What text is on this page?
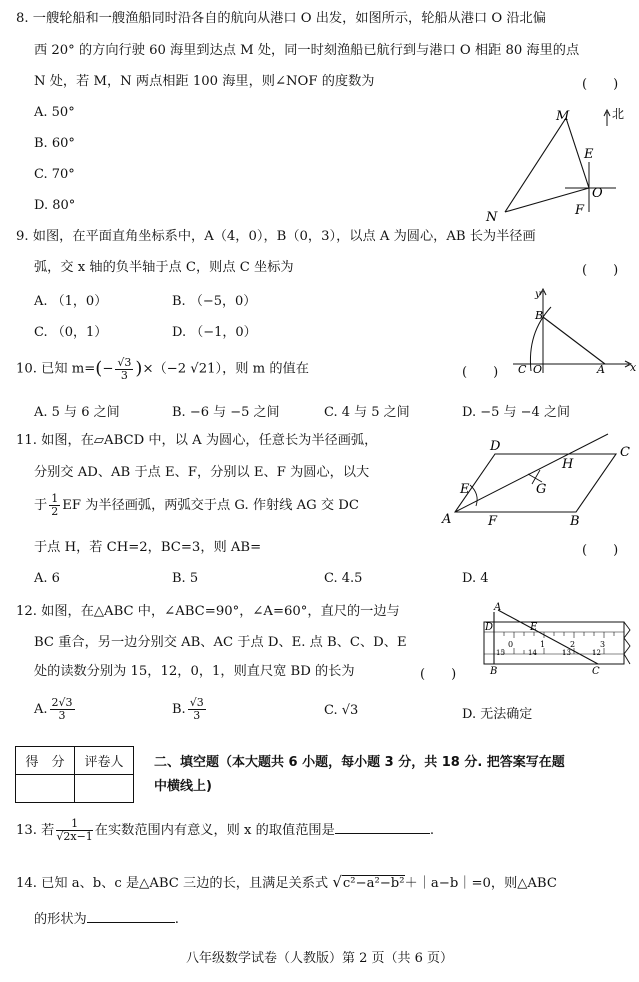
8. 一艘轮船和一艘渔船同时沿各自的航向从港口 O 出发，如图所示，轮船从港口 O 沿北偏
西 20° 的方向行驶 60 海里到达点 M 处，同一时刻渔船已航行到与港口 O 相距 80 海里的点
N 处，若 M，N 两点相距 100 海里，则∠NOF 的度数为	(　　)
A. 50°
B. 60°
C. 70°
D. 80°
M	北
E
O
F
N
9. 如图，在平面直角坐标系中，A（4，0），B（0，3），以点 A 为圆心，AB 长为半径画
弧，交 x 轴的负半轴于点 C，则点 C 坐标为	(　　)
A. （1，0）	B. （−5，0）
C. （0，1）	D. （−1，0）
y
x
B
C O	A
10. 已知 $m=(- \frac{√3}{3} )\times(-2$ √21），则 m 的值在	(　　)
A. 5 与 6 之间	B. −6 与 −5 之间	C. 4 与 5 之间	D. −5 与 −4 之间
11. 如图，在▱ABCD 中，以 A 为圆心，任意长为半径画弧，
分别交 AD、AB 于点 E、F，分别以 E、F 为圆心，以大
于 $\frac{1}{2}$ EF 为半径画弧，两弧交于点 G. 作射线 AG 交 DC
于点 H，若 CH=2，BC=3，则 AB=	(　　)
A. 6	B. 5	C. 4.5	D. 4
D	C
H
E	G
A	F	B
12. 如图，在△ABC 中，∠ABC=90°，∠A=60°，直尺的一边与
BC 重合，另一边分别交 AB、AC 于点 D、E. 点 B、C、D、E
处的读数分别为 15，12，0，1，则直尺宽 BD 的长为	(　　)
A. $\frac{2√3}{3}$	B. $\frac{√3}{3}$	C. √3	D. 无法确定
0	1	2	3
15	14	13	12
A
D	E
B	C
得　分	评卷人
	二、填空题（本大题共 6 小题，每小题 3 分，共 18 分. 把答案写在题
中横线上)
13. 若 $\frac{1}{√2x-1}$ 在实数范围内有意义，则 x 的取值范围是	.
14. 已知 a、b、c 是△ABC 三边的长，且满足关系式 √c²−a²−b²＋｜a−b｜=0，则△ABC
的形状为	.
八年级数学试卷（人教版）第 2 页（共 6 页）
